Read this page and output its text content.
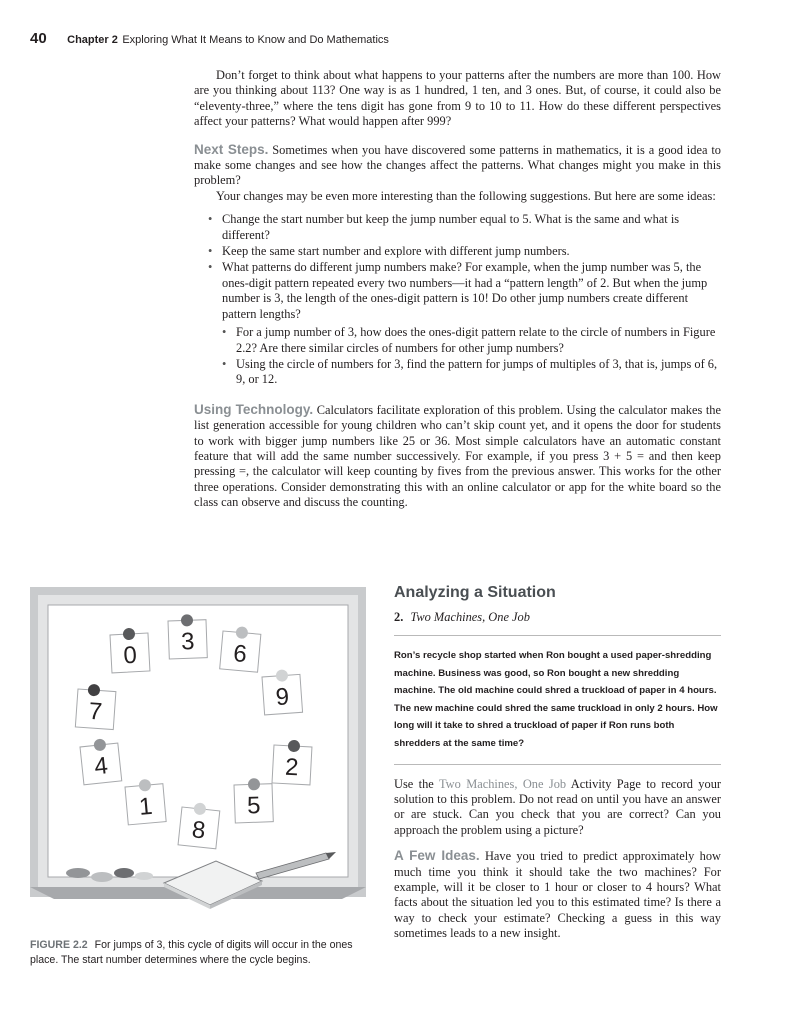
40 Chapter 2 Exploring What It Means to Know and Do Mathematics

Don’t forget to think about what happens to your patterns after the numbers are more than 100. How are you thinking about 113? One way is as 1 hundred, 1 ten, and 3 ones. But, of course, it could also be “eleventy-three,” where the tens digit has gone from 9 to 10 to 11. How do these different perspectives affect your patterns? What would happen after 999?

Next Steps. Sometimes when you have discovered some patterns in mathematics, it is a good idea to make some changes and see how the changes affect the patterns. What changes might you make in this problem?

Your changes may be even more interesting than the following suggestions. But here are some ideas:

• Change the start number but keep the jump number equal to 5. What is the same and what is different?
• Keep the same start number and explore with different jump numbers.
• What patterns do different jump numbers make? For example, when the jump number was 5, the ones-digit pattern repeated every two numbers—it had a “pattern length” of 2. But when the jump number is 3, the length of the ones-digit pattern is 10! Do other jump numbers create different pattern lengths?
• For a jump number of 3, how does the ones-digit pattern relate to the circle of numbers in Figure 2.2? Are there similar circles of numbers for other jump numbers?
• Using the circle of numbers for 3, find the pattern for jumps of multiples of 3, that is, jumps of 6, 9, or 12.

Using Technology. Calculators facilitate exploration of this problem. Using the calculator makes the list generation accessible for young children who can’t skip count yet, and it opens the door for students to work with bigger jump numbers like 25 or 36. Most simple calculators have an automatic constant feature that will add the same number successively. For example, if you press 3 + 5 = and then keep pressing =, the calculator will keep counting by fives from the previous answer. This works for the other three operations. Consider demonstrating this with an online calculator or app for the white board so the class can observe and discuss the counting.

0 3 6
9
2
5
8
1
4
7
FIGURE 2.2 For jumps of 3, this cycle of digits will occur in the ones place. The start number determines where the cycle begins.
Analyzing a Situation
2. Two Machines, One Job
Ron’s recycle shop started when Ron bought a used paper-shredding machine. Business was good, so Ron bought a new shredding machine. The old machine could shred a truckload of paper in 4 hours. The new machine could shred the same truckload in only 2 hours. How long will it take to shred a truckload of paper if Ron runs both shredders at the same time?

Use the Two Machines, One Job Activity Page to record your solution to this problem. Do not read on until you have an answer or are stuck. Can you check that you are correct? Can you approach the problem using a picture?

A Few Ideas. Have you tried to predict approximately how much time you think it should take the two machines? For example, will it be closer to 1 hour or closer to 4 hours? What facts about the situation led you to this estimated time? Is there a way to check your estimate? Checking a guess in this way sometimes leads to a new insight.
